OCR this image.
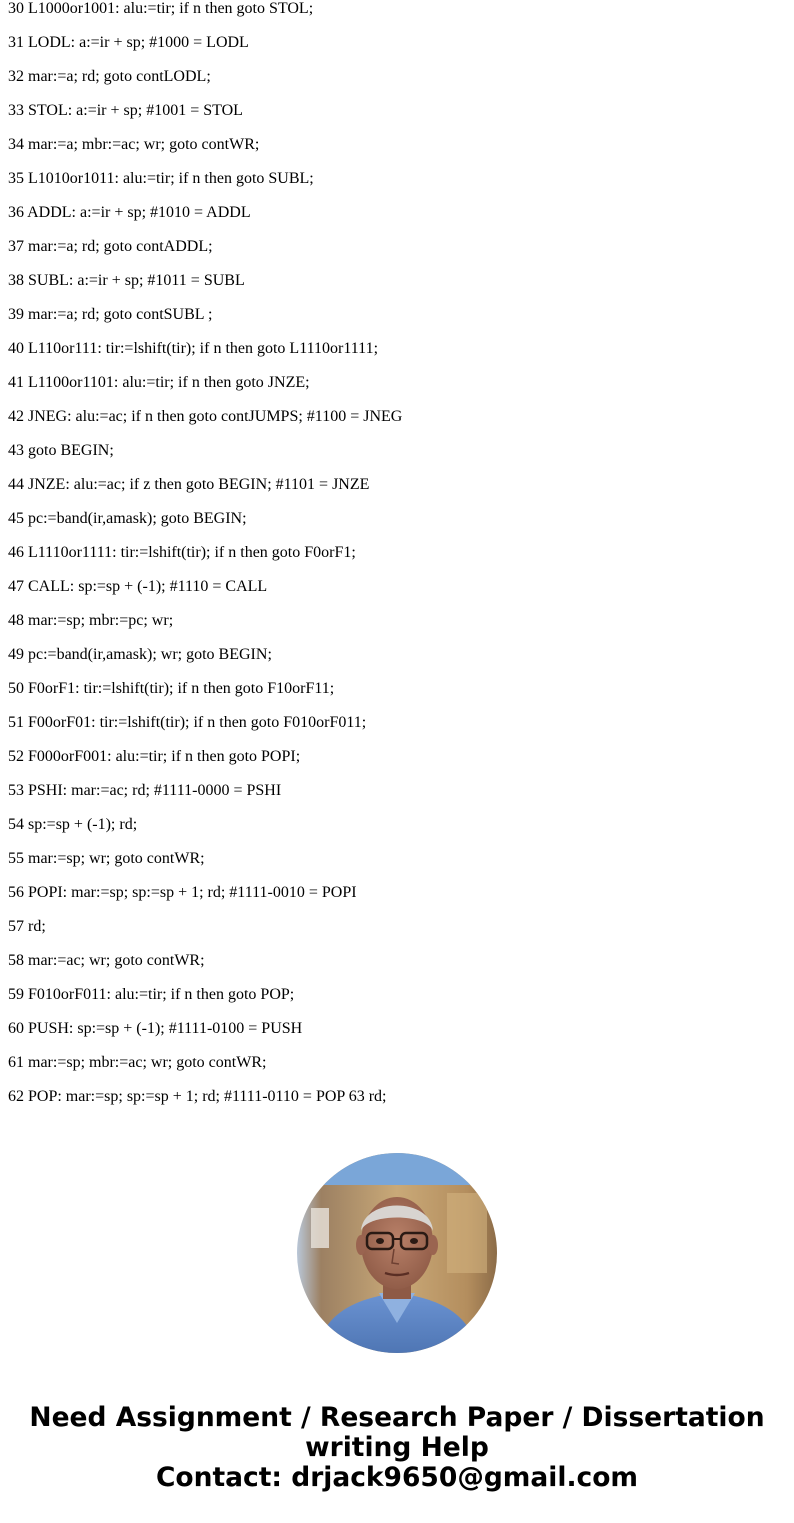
30 L1000or1001: alu:=tir; if n then goto STOL;

31 LODL: a:=ir + sp; #1000 = LODL

32 mar:=a; rd; goto contLODL;

33 STOL: a:=ir + sp; #1001 = STOL

34 mar:=a; mbr:=ac; wr; goto contWR;

35 L1010or1011: alu:=tir; if n then goto SUBL;

36 ADDL: a:=ir + sp; #1010 = ADDL

37 mar:=a; rd; goto contADDL;

38 SUBL: a:=ir + sp; #1011 = SUBL

39 mar:=a; rd; goto contSUBL ;

40 L110or111: tir:=lshift(tir); if n then goto L1110or1111;

41 L1100or1101: alu:=tir; if n then goto JNZE;

42 JNEG: alu:=ac; if n then goto contJUMPS; #1100 = JNEG

43 goto BEGIN;

44 JNZE: alu:=ac; if z then goto BEGIN; #1101 = JNZE

45 pc:=band(ir,amask); goto BEGIN;

46 L1110or1111: tir:=lshift(tir); if n then goto F0orF1;

47 CALL: sp:=sp + (-1); #1110 = CALL

48 mar:=sp; mbr:=pc; wr;

49 pc:=band(ir,amask); wr; goto BEGIN;

50 F0orF1: tir:=lshift(tir); if n then goto F10orF11;

51 F00orF01: tir:=lshift(tir); if n then goto F010orF011;

52 F000orF001: alu:=tir; if n then goto POPI;

53 PSHI: mar:=ac; rd; #1111-0000 = PSHI

54 sp:=sp + (-1); rd;

55 mar:=sp; wr; goto contWR;

56 POPI: mar:=sp; sp:=sp + 1; rd; #1111-0010 = POPI

57 rd;

58 mar:=ac; wr; goto contWR;

59 F010orF011: alu:=tir; if n then goto POP;

60 PUSH: sp:=sp + (-1); #1111-0100 = PUSH

61 mar:=sp; mbr:=ac; wr; goto contWR;

62 POP: mar:=sp; sp:=sp + 1; rd; #1111-0110 = POP 63 rd;

Need Assignment / Research Paper / Dissertation
writing Help
Contact: drjack9650@gmail.com
